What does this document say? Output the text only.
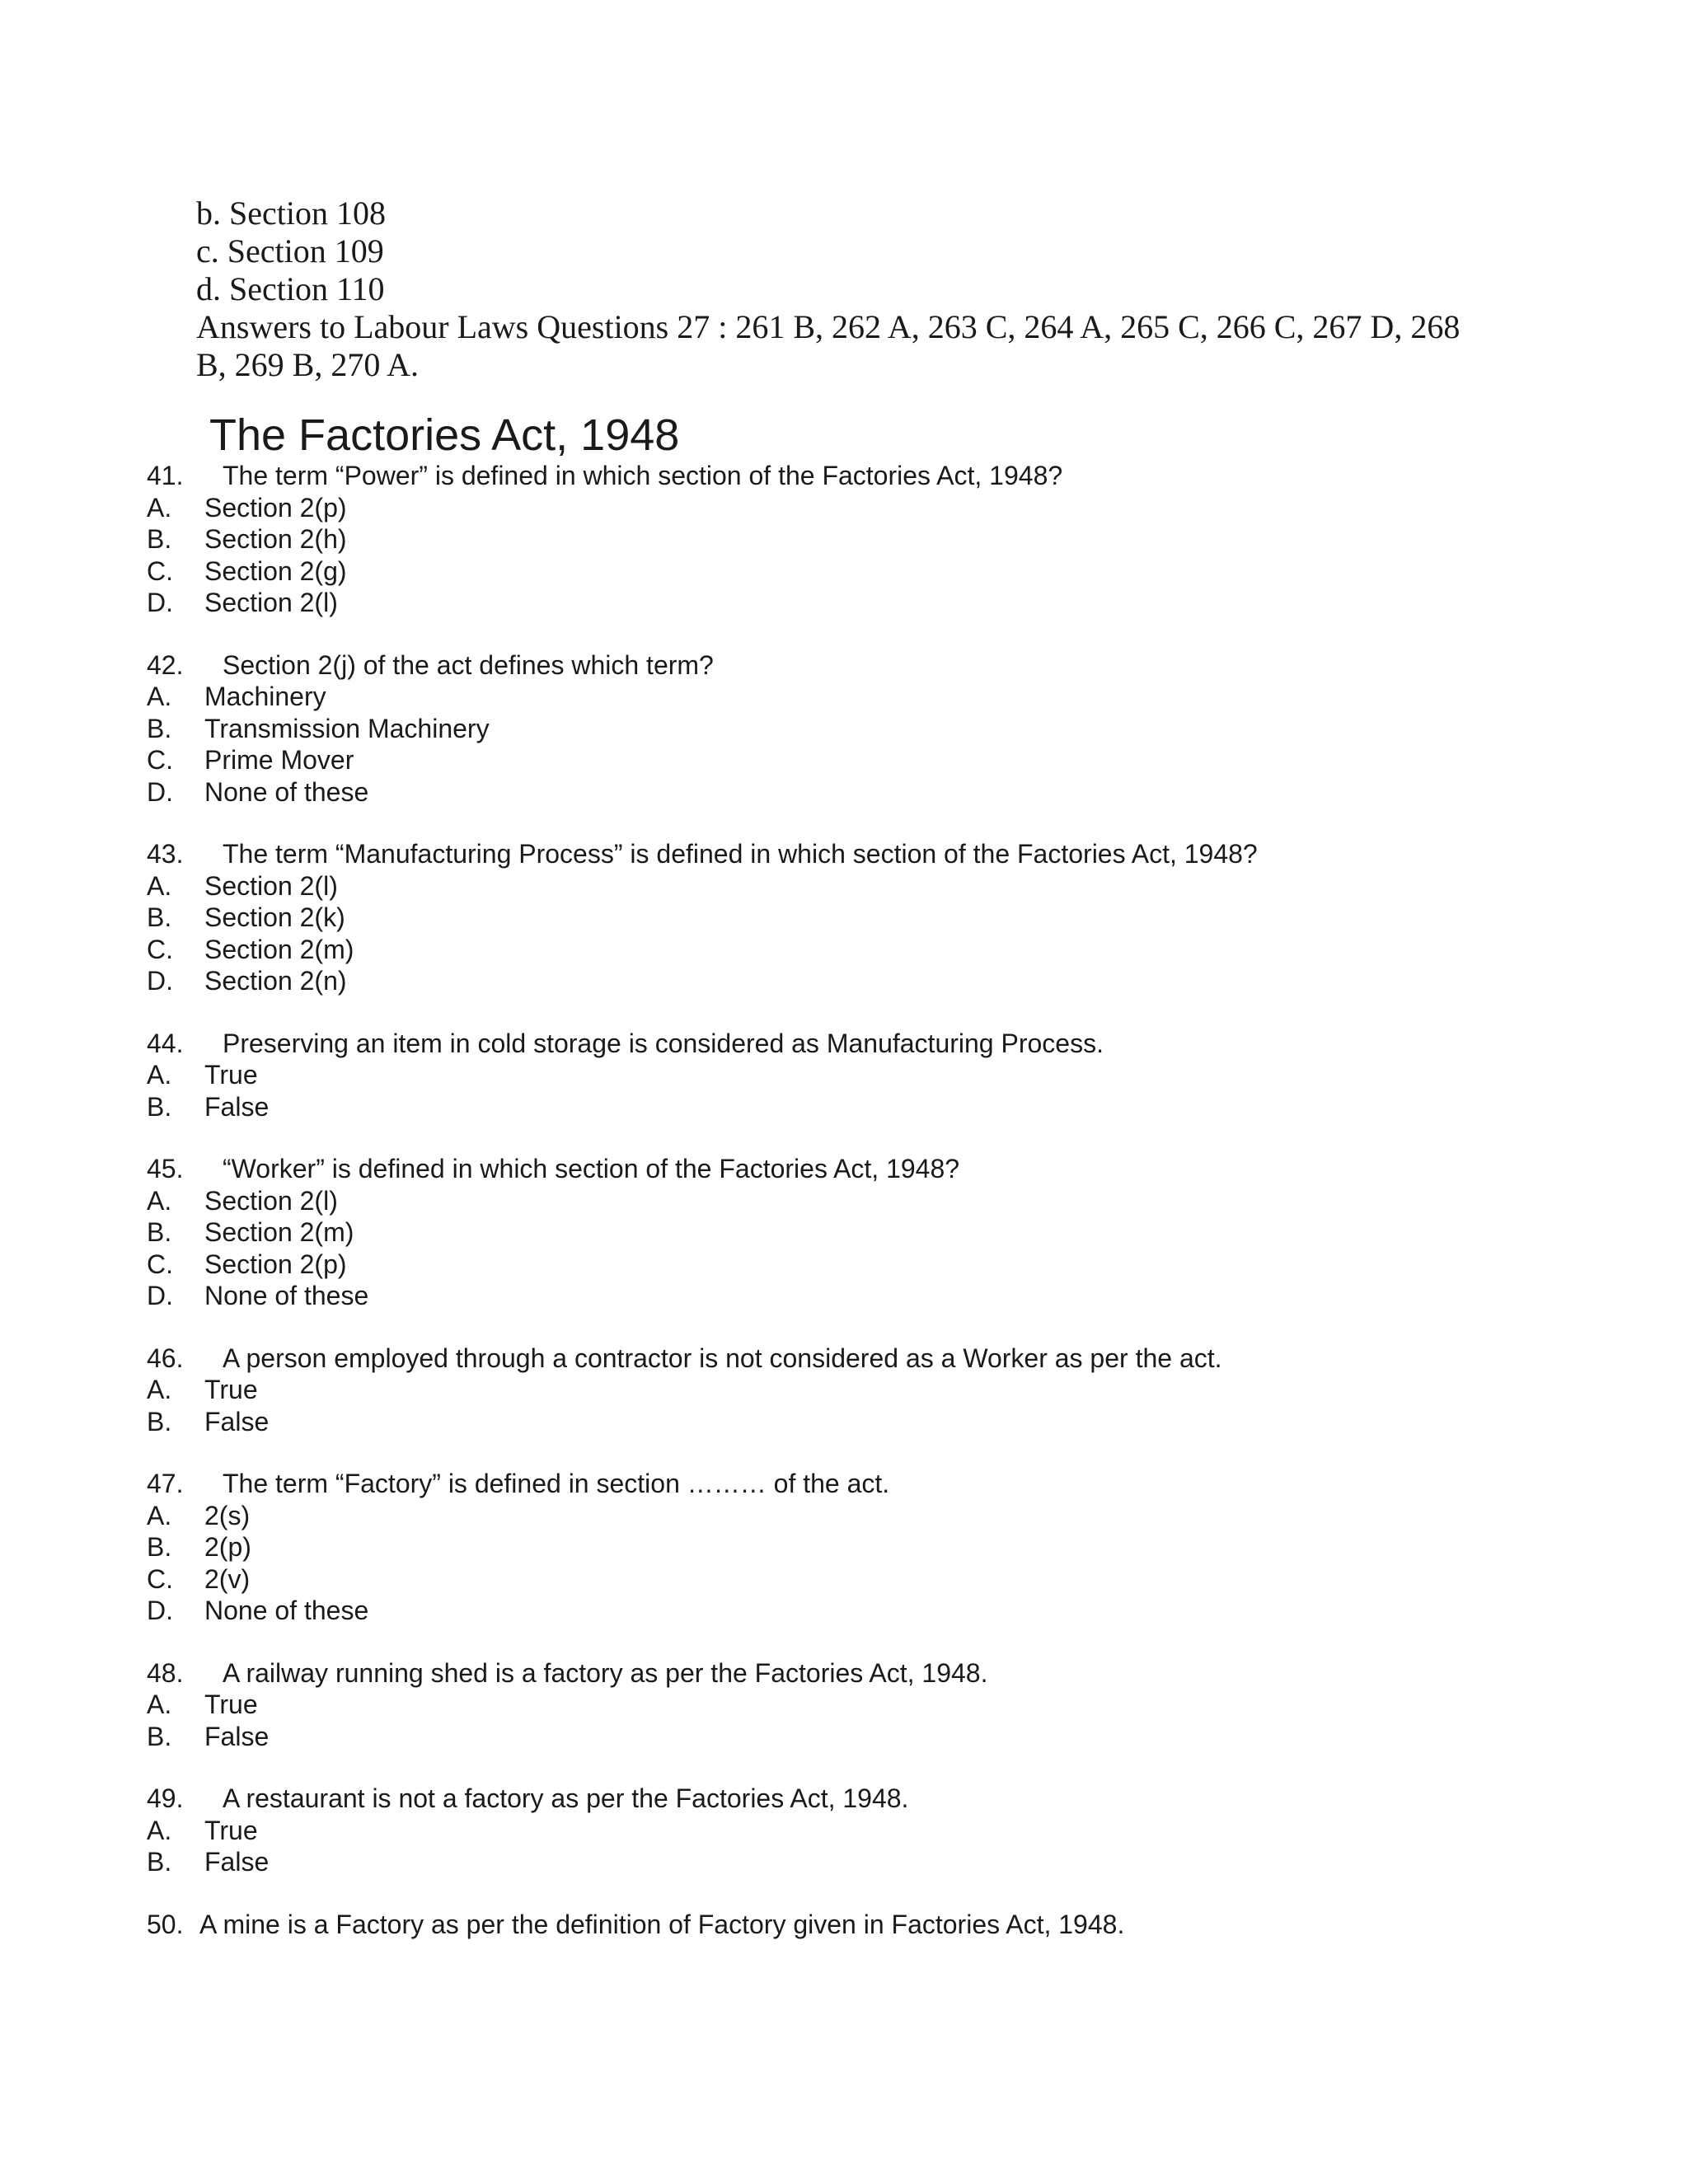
b. Section 108
c. Section 109
d. Section 110
Answers to Labour Laws Questions 27 : 261 B, 262 A, 263 C, 264 A, 265 C, 266 C, 267 D, 268
B, 269 B, 270 A.
The Factories Act, 1948
41.	The term “Power” is defined in which section of the Factories Act, 1948?
A.	Section 2(p)
B.	Section 2(h)
C.	Section 2(g)
D.	Section 2(l)
42.	Section 2(j) of the act defines which term?
A.	Machinery
B.	Transmission Machinery
C.	Prime Mover
D.	None of these
43.	The term “Manufacturing Process” is defined in which section of the Factories Act, 1948?
A.	Section 2(l)
B.	Section 2(k)
C.	Section 2(m)
D.	Section 2(n)
44.	Preserving an item in cold storage is considered as Manufacturing Process.
A.	True
B.	False
45.	“Worker” is defined in which section of the Factories Act, 1948?
A.	Section 2(l)
B.	Section 2(m)
C.	Section 2(p)
D.	None of these
46.	A person employed through a contractor is not considered as a Worker as per the act.
A.	True
B.	False
47.	The term “Factory” is defined in section ……… of the act.
A.	2(s)
B.	2(p)
C.	2(v)
D.	None of these
48.	A railway running shed is a factory as per the Factories Act, 1948.
A.	True
B.	False
49.	A restaurant is not a factory as per the Factories Act, 1948.
A.	True
B.	False
50. A mine is a Factory as per the definition of Factory given in Factories Act, 1948.
